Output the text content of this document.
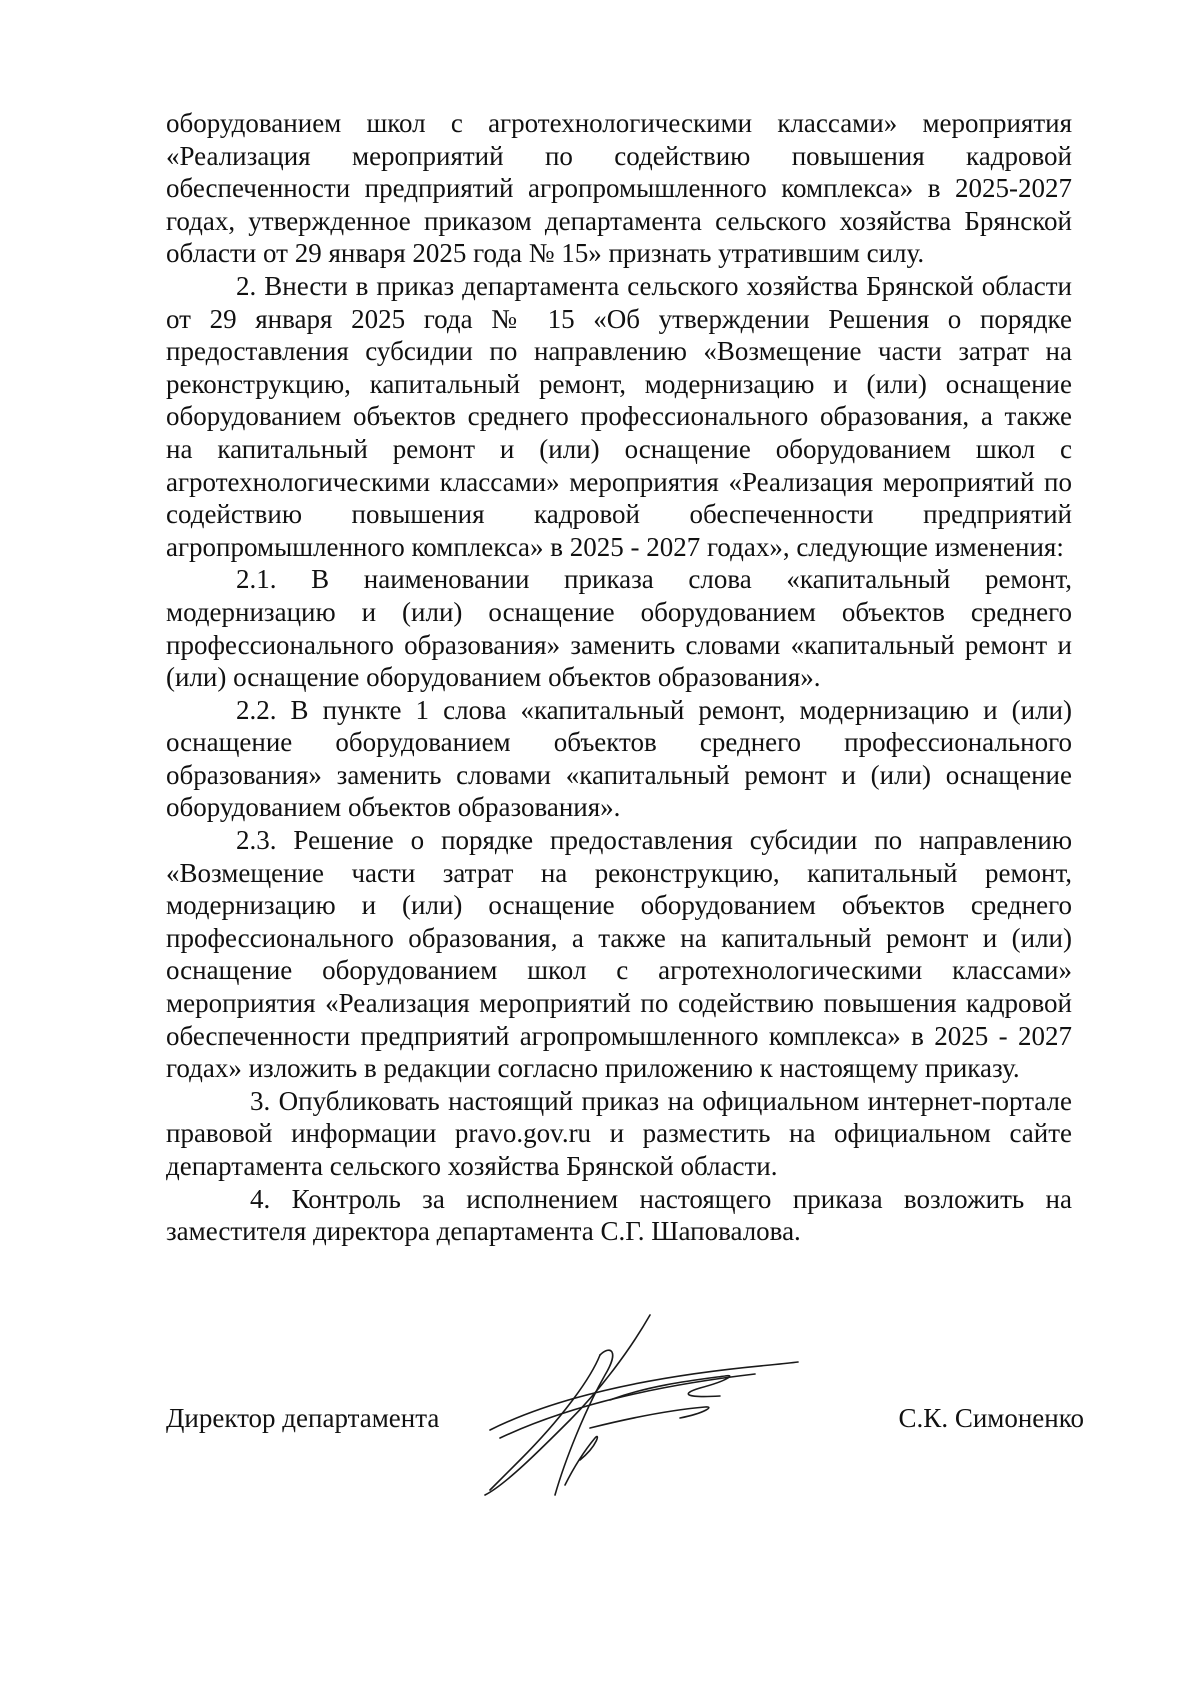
оборудованием школ с агротехнологическими классами» мероприятия «Реализация мероприятий по содействию повышения кадровой обеспеченности предприятий агропромышленного комплекса» в 2025-2027 годах, утвержденное приказом департамента сельского хозяйства Брянской области от 29 января 2025 года № 15» признать утратившим силу.

2. Внести в приказ департамента сельского хозяйства Брянской области от 29 января 2025 года № 15 «Об утверждении Решения о порядке предоставления субсидии по направлению «Возмещение части затрат на реконструкцию, капитальный ремонт, модернизацию и (или) оснащение оборудованием объектов среднего профессионального образования, а также на капитальный ремонт и (или) оснащение оборудованием школ с агротехнологическими классами» мероприятия «Реализация мероприятий по содействию повышения кадровой обеспеченности предприятий агропромышленного комплекса» в 2025 - 2027 годах», следующие изменения:

2.1. В наименовании приказа слова «капитальный ремонт, модернизацию и (или) оснащение оборудованием объектов среднего профессионального образования» заменить словами «капитальный ремонт и (или) оснащение оборудованием объектов образования».

2.2. В пункте 1 слова «капитальный ремонт, модернизацию и (или) оснащение оборудованием объектов среднего профессионального образования» заменить словами «капитальный ремонт и (или) оснащение оборудованием объектов образования».

2.3. Решение о порядке предоставления субсидии по направлению «Возмещение части затрат на реконструкцию, капитальный ремонт, модернизацию и (или) оснащение оборудованием объектов среднего профессионального образования, а также на капитальный ремонт и (или) оснащение оборудованием школ с агротехнологическими классами» мероприятия «Реализация мероприятий по содействию повышения кадровой обеспеченности предприятий агропромышленного комплекса» в 2025 - 2027 годах» изложить в редакции согласно приложению к настоящему приказу.

3. Опубликовать настоящий приказ на официальном интернет-портале правовой информации pravo.gov.ru и разместить на официальном сайте департамента сельского хозяйства Брянской области.

4. Контроль за исполнением настоящего приказа возложить на заместителя директора департамента С.Г. Шаповалова.

Директор департамента	С.К. Симоненко
